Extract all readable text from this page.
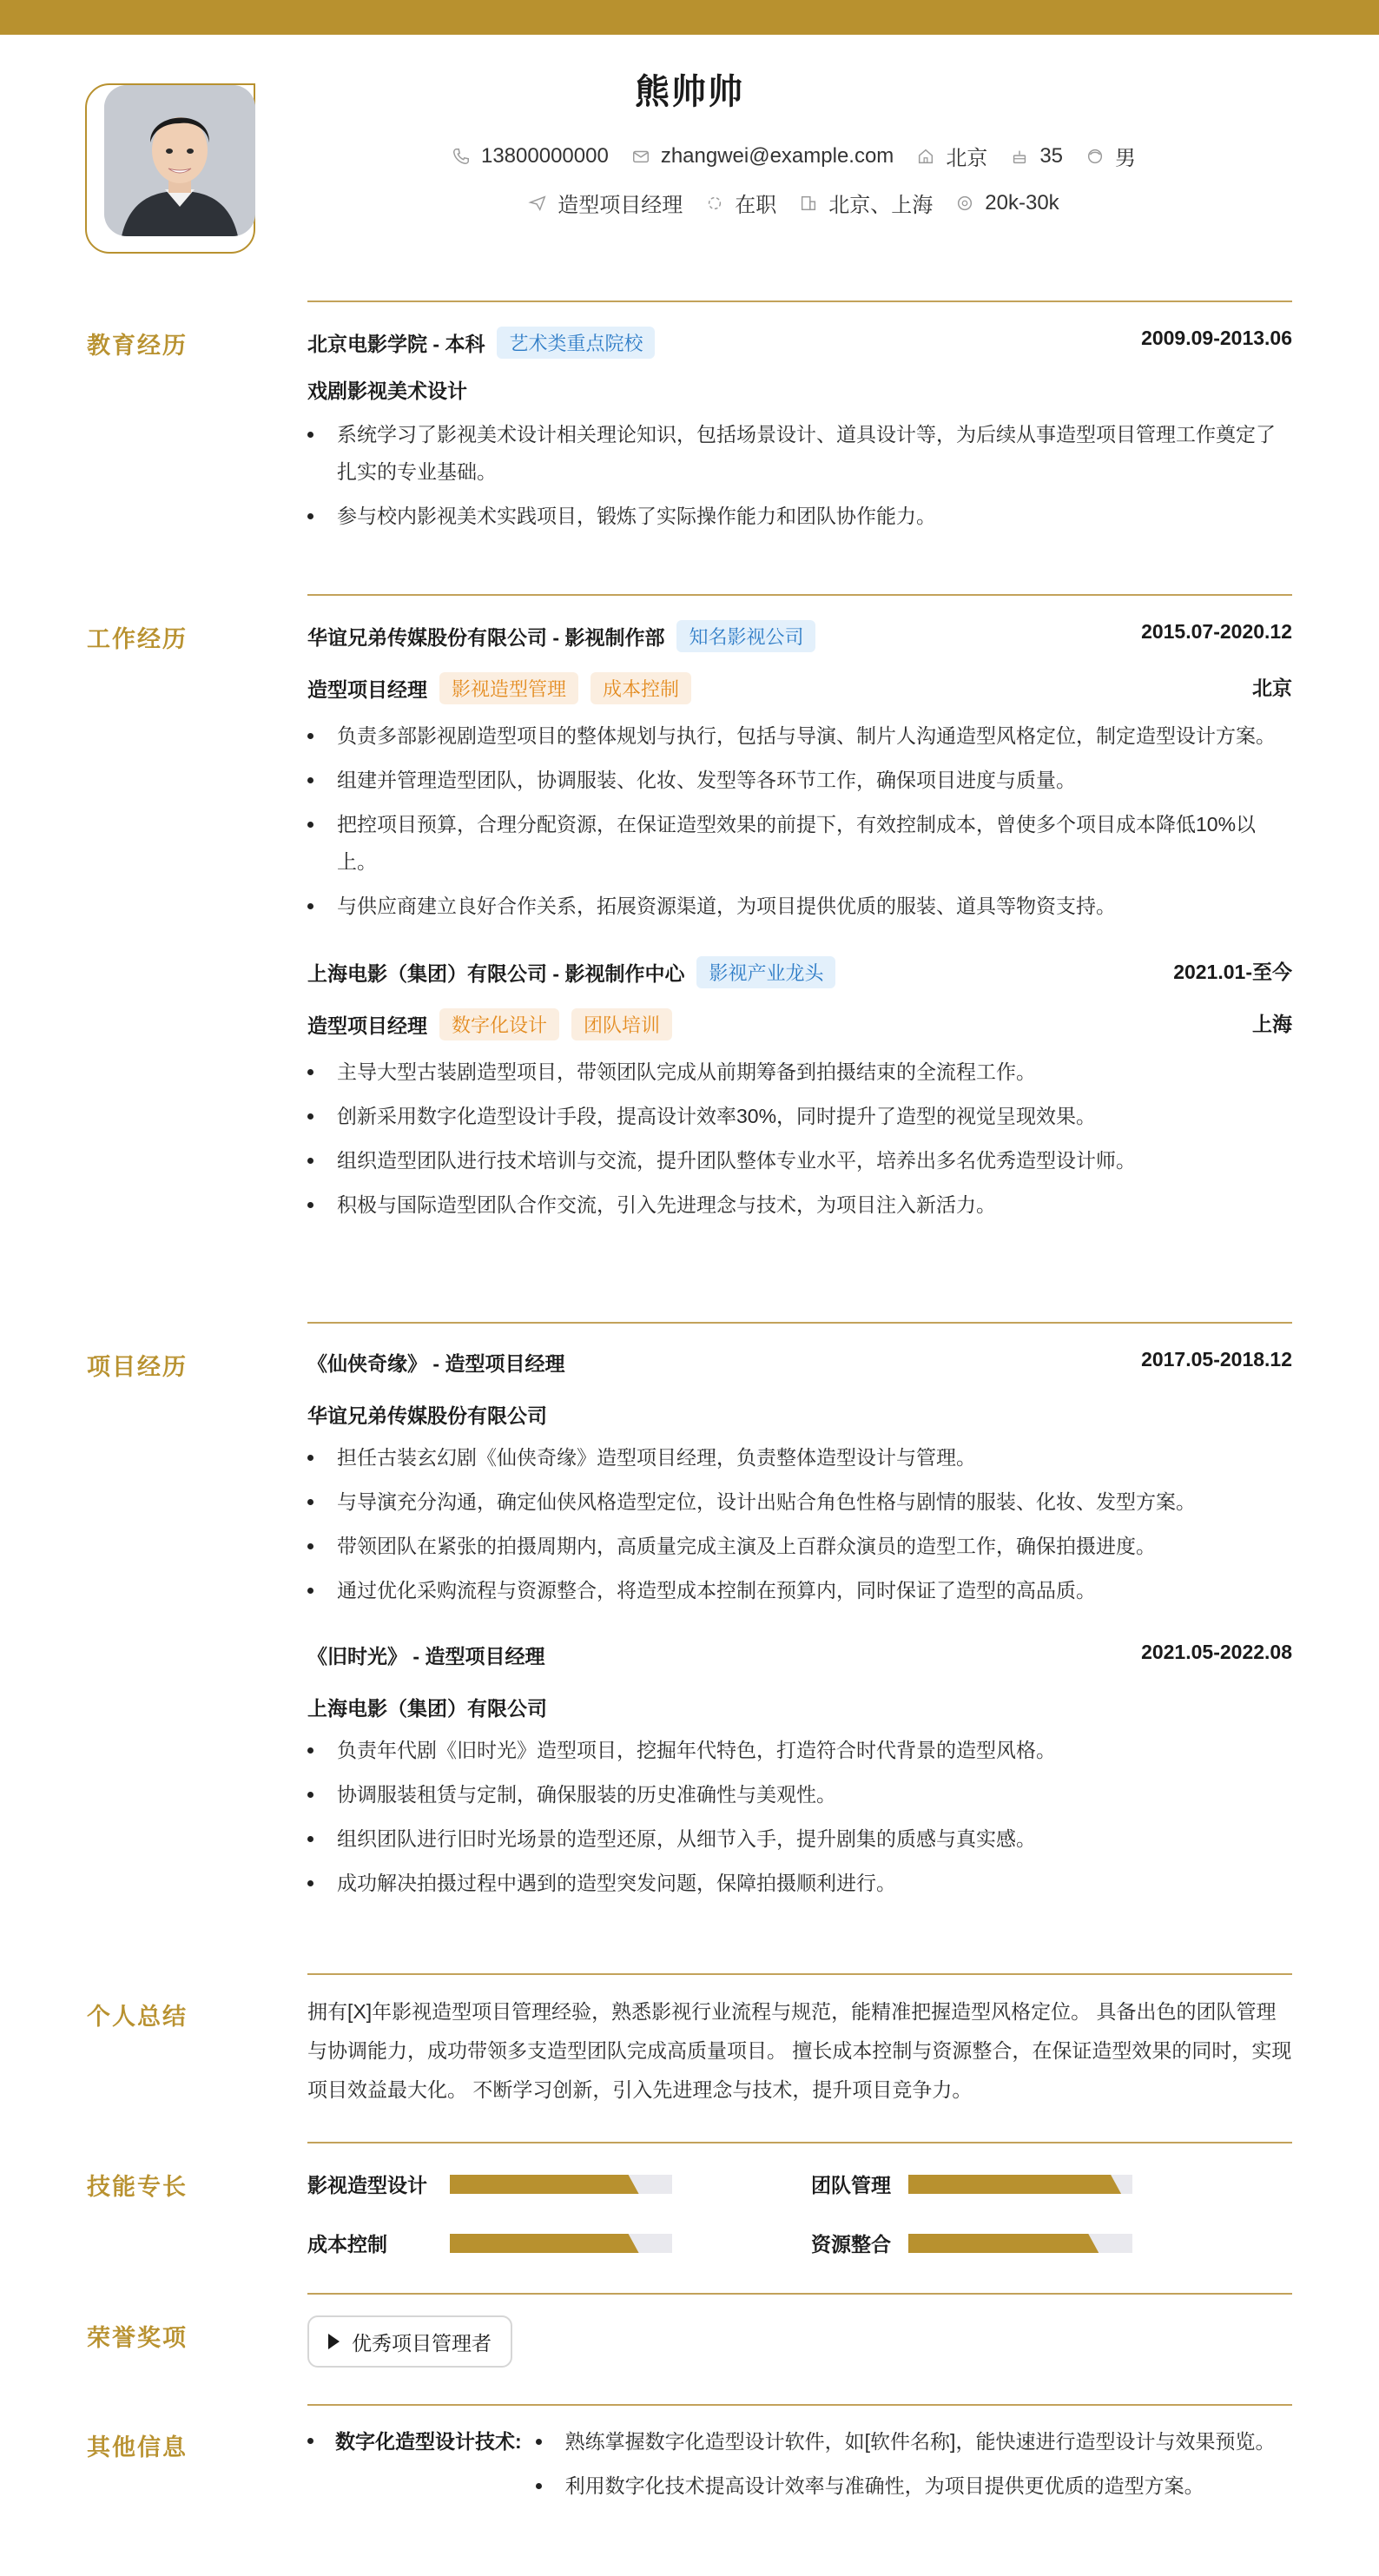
熊帅帅
13800000000	zhangwei@example.com	北京	35	男
造型项目经理	在职	北京、上海	20k-30k
教育经历	北京电影学院 - 本科	艺术类重点院校	2009.09-2013.06
戏剧影视美术设计
系统学习了影视美术设计相关理论知识，包括场景设计、道具设计等，为后续从事造型项目管理工作奠定了扎实的专业基础。
参与校内影视美术实践项目，锻炼了实际操作能力和团队协作能力。
工作经历	华谊兄弟传媒股份有限公司 - 影视制作部	知名影视公司	2015.07-2020.12
造型项目经理	影视造型管理	成本控制	北京
负责多部影视剧造型项目的整体规划与执行，包括与导演、制片人沟通造型风格定位，制定造型设计方案。
组建并管理造型团队，协调服装、化妆、发型等各环节工作，确保项目进度与质量。
把控项目预算，合理分配资源，在保证造型效果的前提下，有效控制成本，曾使多个项目成本降低10%以上。
与供应商建立良好合作关系，拓展资源渠道，为项目提供优质的服装、道具等物资支持。
上海电影（集团）有限公司 - 影视制作中心	影视产业龙头	2021.01-至今
造型项目经理	数字化设计	团队培训	上海
主导大型古装剧造型项目，带领团队完成从前期筹备到拍摄结束的全流程工作。
创新采用数字化造型设计手段，提高设计效率30%，同时提升了造型的视觉呈现效果。
组织造型团队进行技术培训与交流，提升团队整体专业水平，培养出多名优秀造型设计师。
积极与国际造型团队合作交流，引入先进理念与技术，为项目注入新活力。
项目经历	《仙侠奇缘》 - 造型项目经理	2017.05-2018.12
华谊兄弟传媒股份有限公司
担任古装玄幻剧《仙侠奇缘》造型项目经理，负责整体造型设计与管理。
与导演充分沟通，确定仙侠风格造型定位，设计出贴合角色性格与剧情的服装、化妆、发型方案。
带领团队在紧张的拍摄周期内，高质量完成主演及上百群众演员的造型工作，确保拍摄进度。
通过优化采购流程与资源整合，将造型成本控制在预算内，同时保证了造型的高品质。
《旧时光》 - 造型项目经理	2021.05-2022.08
上海电影（集团）有限公司
负责年代剧《旧时光》造型项目，挖掘年代特色，打造符合时代背景的造型风格。
协调服装租赁与定制，确保服装的历史准确性与美观性。
组织团队进行旧时光场景的造型还原，从细节入手，提升剧集的质感与真实感。
成功解决拍摄过程中遇到的造型突发问题，保障拍摄顺利进行。
个人总结	拥有[X]年影视造型项目管理经验，熟悉影视行业流程与规范，能精准把握造型风格定位。 具备出色的团队管理与协调能力，成功带领多支造型团队完成高质量项目。 擅长成本控制与资源整合，在保证造型效果的同时，实现项目效益最大化。 不断学习创新，引入先进理念与技术，提升项目竞争力。
技能专长	影视造型设计	团队管理
成本控制	资源整合
荣誉奖项	优秀项目管理者
其他信息	数字化造型设计技术:	熟练掌握数字化造型设计软件，如[软件名称]，能快速进行造型设计与效果预览。
利用数字化技术提高设计效率与准确性，为项目提供更优质的造型方案。
